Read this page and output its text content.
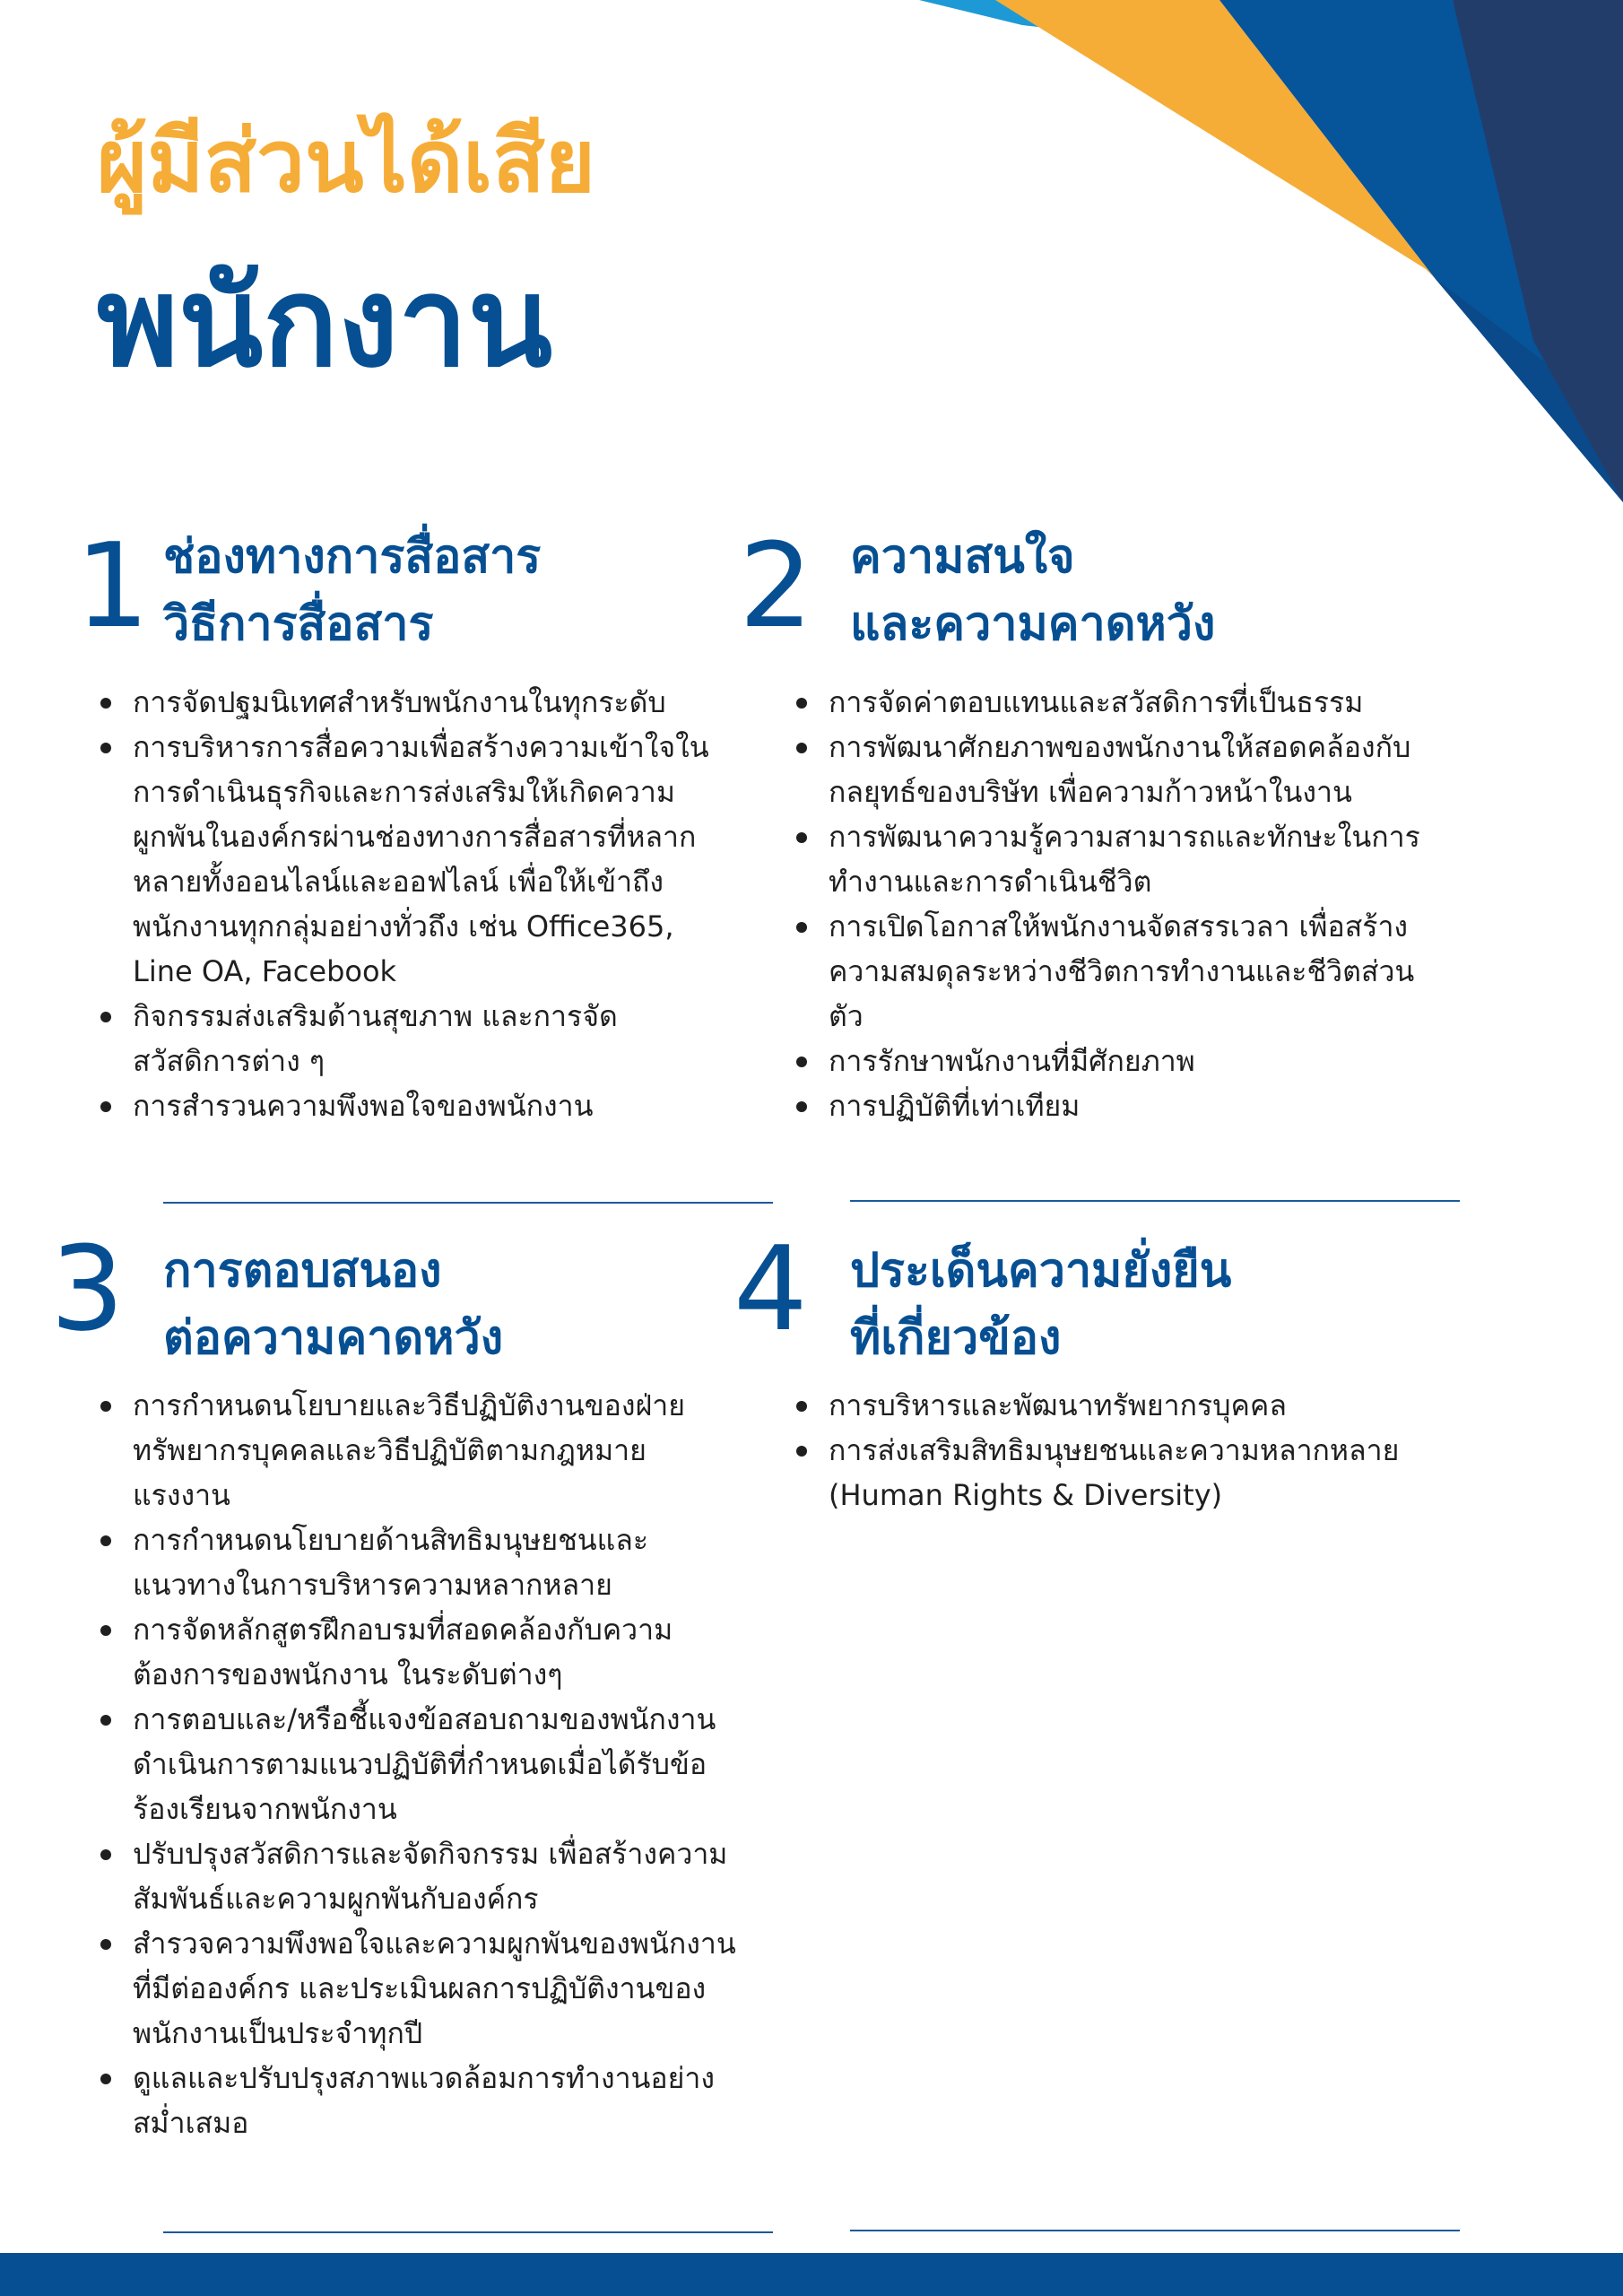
ผู้มีส่วนได้เสีย
พนักงาน
1 ช่องทางการสื่อสาร
วิธีการสื่อสาร
การจัดปฐมนิเทศสำหรับพนักงานในทุกระดับ
การบริหารการสื่อความเพื่อสร้างความเข้าใจในการดำเนินธุรกิจและการส่งเสริมให้เกิดความผูกพันในองค์กรผ่านช่องทางการสื่อสารที่หลากหลายทั้งออนไลน์และออฟไลน์ เพื่อให้เข้าถึงพนักงานทุกกลุ่มอย่างทั่วถึง เช่น Office365, Line OA, Facebook
กิจกรรมส่งเสริมด้านสุขภาพ และการจัดสวัสดิการต่าง ๆ
การสำรวนความพึงพอใจของพนักงาน
2 ความสนใจ
และความคาดหวัง
การจัดค่าตอบแทนและสวัสดิการที่เป็นธรรม
การพัฒนาศักยภาพของพนักงานให้สอดคล้องกับกลยุทธ์ของบริษัท เพื่อความก้าวหน้าในงาน
การพัฒนาความรู้ความสามารถและทักษะในการทำงานและการดำเนินชีวิต
การเปิดโอกาสให้พนักงานจัดสรรเวลา เพื่อสร้างความสมดุลระหว่างชีวิตการทำงานและชีวิตส่วนตัว
การรักษาพนักงานที่มีศักยภาพ
การปฏิบัติที่เท่าเทียม
3 การตอบสนอง
ต่อความคาดหวัง
การกำหนดนโยบายและวิธีปฏิบัติงานของฝ่ายทรัพยากรบุคคลและวิธีปฏิบัติตามกฎหมายแรงงาน
การกำหนดนโยบายด้านสิทธิมนุษยชนและแนวทางในการบริหารความหลากหลาย
การจัดหลักสูตรฝึกอบรมที่สอดคล้องกับความต้องการของพนักงาน ในระดับต่างๆ
การตอบและ/หรือชี้แจงข้อสอบถามของพนักงานดำเนินการตามแนวปฏิบัติที่กำหนดเมื่อได้รับข้อร้องเรียนจากพนักงาน
ปรับปรุงสวัสดิการและจัดกิจกรรม เพื่อสร้างความสัมพันธ์และความผูกพันกับองค์กร
สำรวจความพึงพอใจและความผูกพันของพนักงานที่มีต่อองค์กร และประเมินผลการปฏิบัติงานของพนักงานเป็นประจำทุกปี
ดูแลและปรับปรุงสภาพแวดล้อมการทำงานอย่างสม่ำเสมอ
4 ประเด็นความยั่งยืน
ที่เกี่ยวข้อง
การบริหารและพัฒนาทรัพยากรบุคคล
การส่งเสริมสิทธิมนุษยชนและความหลากหลาย (Human Rights & Diversity)
